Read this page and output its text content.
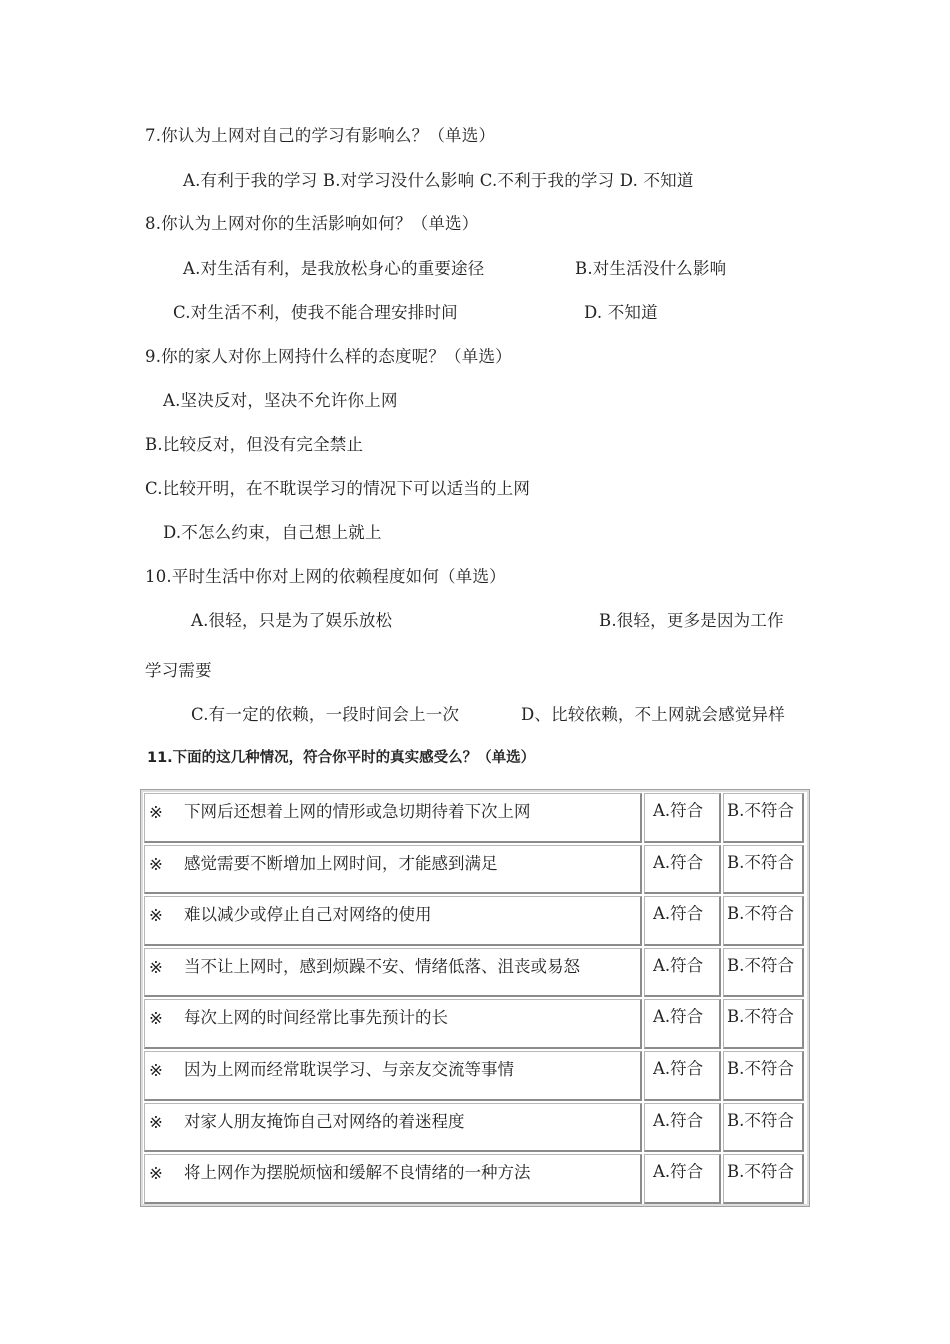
7.你认为上网对自己的学习有影响么？（单选）
A.有利于我的学习 B.对学习没什么影响 C.不利于我的学习 D. 不知道
8.你认为上网对你的生活影响如何？（单选）
A.对生活有利，是我放松身心的重要途径	B.对生活没什么影响
C.对生活不利，使我不能合理安排时间	D. 不知道
9.你的家人对你上网持什么样的态度呢？（单选）
A.坚决反对，坚决不允许你上网
B.比较反对，但没有完全禁止
C.比较开明，在不耽误学习的情况下可以适当的上网
D.不怎么约束，自己想上就上
10.平时生活中你对上网的依赖程度如何（单选）
A.很轻，只是为了娱乐放松	B.很轻，更多是因为工作
学习需要
C.有一定的依赖，一段时间会上一次	D、比较依赖，不上网就会感觉异样
11.下面的这几种情况，符合你平时的真实感受么？（单选）
※ 下网后还想着上网的情形或急切期待着下次上网	A.符合 B.不符合
※ 感觉需要不断增加上网时间，才能感到满足	A.符合 B.不符合
※ 难以减少或停止自己对网络的使用	A.符合 B.不符合
※ 当不让上网时，感到烦躁不安、情绪低落、沮丧或易怒	A.符合 B.不符合
※ 每次上网的时间经常比事先预计的长	A.符合 B.不符合
※ 因为上网而经常耽误学习、与亲友交流等事情	A.符合 B.不符合
※ 对家人朋友掩饰自己对网络的着迷程度	A.符合 B.不符合
※ 将上网作为摆脱烦恼和缓解不良情绪的一种方法	A.符合 B.不符合
